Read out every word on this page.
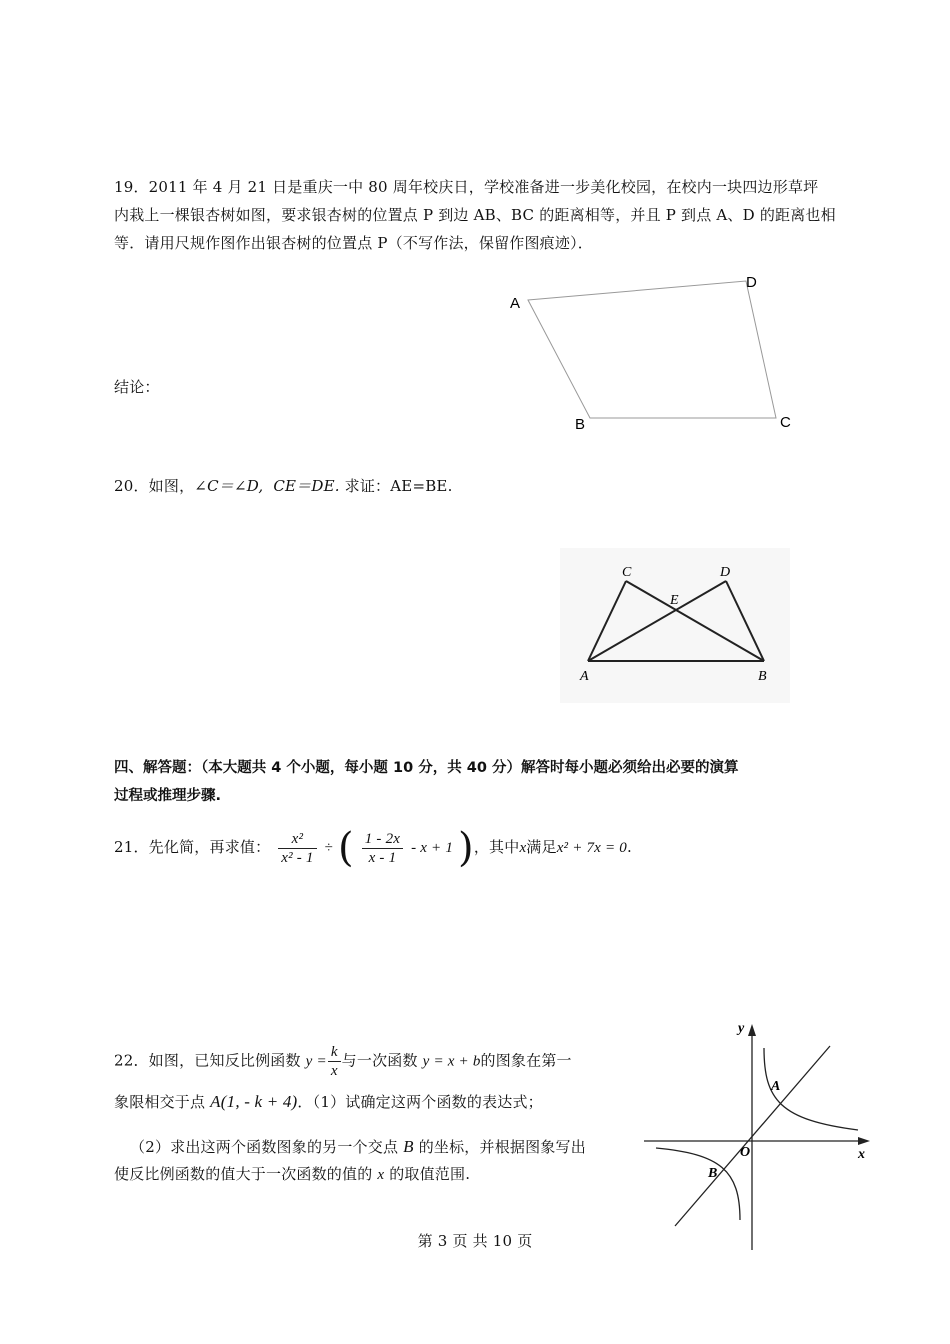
19．2011 年 4 月 21 日是重庆一中 80 周年校庆日，学校准备进一步美化校园，在校内一块四边形草坪
内栽上一棵银杏树如图，要求银杏树的位置点 P 到边 AB、BC 的距离相等，并且 P 到点 A、D 的距离也相
等．请用尺规作图作出银杏树的位置点 P（不写作法，保留作图痕迹）．
结论：
A
D
B	C
20．如图，∠C＝∠D, CE＝DE. 求证：AE=BE.
C	D
E
A	B
四、解答题：（本大题共 4 个小题，每小题 10 分，共 40 分）解答时每小题必须给出必要的演算
过程或推理步骤.
21．先化简，再求值： $\frac{\text{x²}}{\text{x² - 1}}$ ÷ ( $\frac{1 - 2x}{x - 1} - x + 1$ )，其中x满足x² + 7x = 0.
22．如图，已知反比例函数 $y = \frac{k}{x}$ 与一次函数 y = x + b的图象在第一
象限相交于点 A(1, - k + 4)．（1）试确定这两个函数的表达式；
（2）求出这两个函数图象的另一个交点 B 的坐标，并根据图象写出
使反比例函数的值大于一次函数的值的 x 的取值范围.
y
x
O
A
B
第 3 页 共 10 页
